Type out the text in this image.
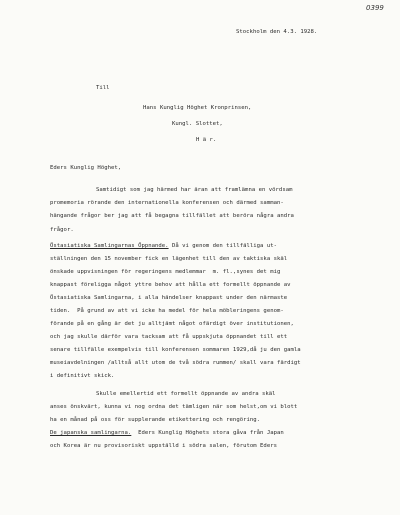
0399
Stockholm den 4.3. 1928.
Till
Hans Kunglig Höghet Kronprinsen,
Kungl. Slottet,
H ä r.
Eders Kunglig Höghet,
Samtidigt som jag härmed har äran att framlämna en vördsam
promemoria rörande den internationella konferensen och därmed samman-
hängande frågor ber jag att få begagna tillfället att beröra några andra
frågor.
Östasiatiska Samlingarnas Öppnande. Då vi genom den tillfälliga ut-
ställningen den 15 november fick en lägenhet till den av taktiska skäl
önskade uppvisningen för regeringens medlemmar  m. fl.,synes det mig
knappast föreligga något yttre behov att hålla ett formellt öppnande av
Östasiatiska Samlingarna, i alla händelser knappast under den närmaste
tiden.  På grund av att vi icke ha medel för hela möbleringens genom-
förande på en gång är det ju alltjämt något ofärdigt över institutionen,
och jag skulle därför vara tacksam att få uppskjuta öppnandet till ett
senare tillfälle exempelvis till konferensen sommaren 1929,då ju den gamla
museiavdelningen /alltså allt utom de två södra rummen/ skall vara färdigt
i definitivt skick.
Skulle emellertid ett formellt öppnande av andra skäl
anses önskvärt, kunna vi nog ordna det tämligen när som helst,om vi blott
ha en månad på oss för supplerande etikettering och rengöring.
De japanska samlingarna.  Eders Kunglig Höghets stora gåva från Japan
och Korea är nu provisoriskt uppställd i södra salen, förutom Eders
